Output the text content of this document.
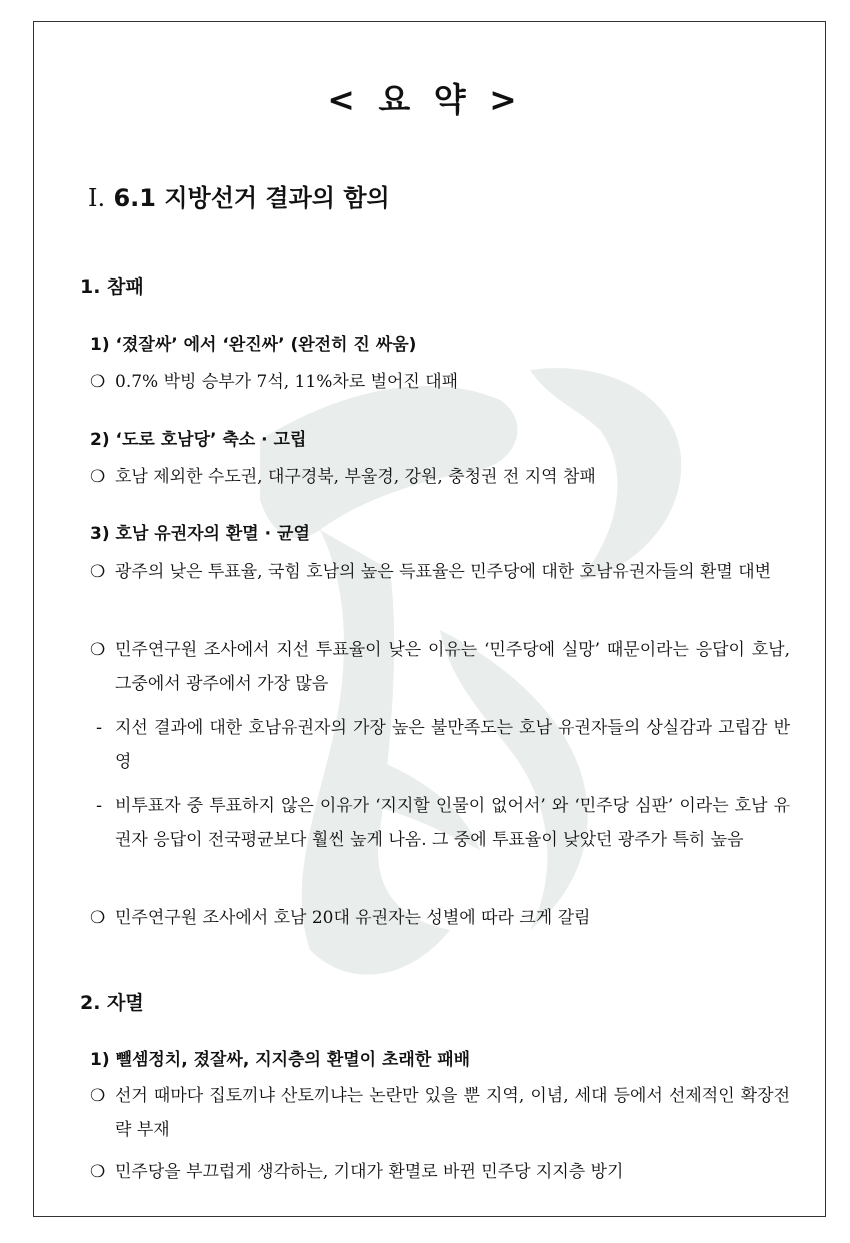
< 요 약 >
Ⅰ. 6.1 지방선거 결과의 함의
1. 참패
1) ‘졌잘싸’ 에서 ‘완진싸’ (완전히 진 싸움)
❍ 0.7% 박빙 승부가 7석, 11%차로 벌어진 대패
2) ‘도로 호남당’ 축소 · 고립
❍ 호남 제외한 수도권, 대구경북, 부울경, 강원, 충청권 전 지역 참패
3) 호남 유권자의 환멸 · 균열
❍ 광주의 낮은 투표율, 국힘 호남의 높은 득표율은 민주당에 대한 호남유권자들의 환멸 대변
❍ 민주연구원 조사에서 지선 투표율이 낮은 이유는 ‘민주당에 실망’ 때문이라는 응답이 호남, 그중에서 광주에서 가장 많음
- 지선 결과에 대한 호남유권자의 가장 높은 불만족도는 호남 유권자들의 상실감과 고립감 반영
- 비투표자 중 투표하지 않은 이유가 ‘지지할 인물이 없어서’ 와 ‘민주당 심판’ 이라는 호남 유권자 응답이 전국평균보다 훨씬 높게 나옴. 그 중에 투표율이 낮았던 광주가 특히 높음
❍ 민주연구원 조사에서 호남 20대 유권자는 성별에 따라 크게 갈림
2. 자멸
1) 뺄셈정치, 졌잘싸, 지지층의 환멸이 초래한 패배
❍ 선거 때마다 집토끼냐 산토끼냐는 논란만 있을 뿐 지역, 이념, 세대 등에서 선제적인 확장전략 부재
❍ 민주당을 부끄럽게 생각하는, 기대가 환멸로 바뀐 민주당 지지층 방기
